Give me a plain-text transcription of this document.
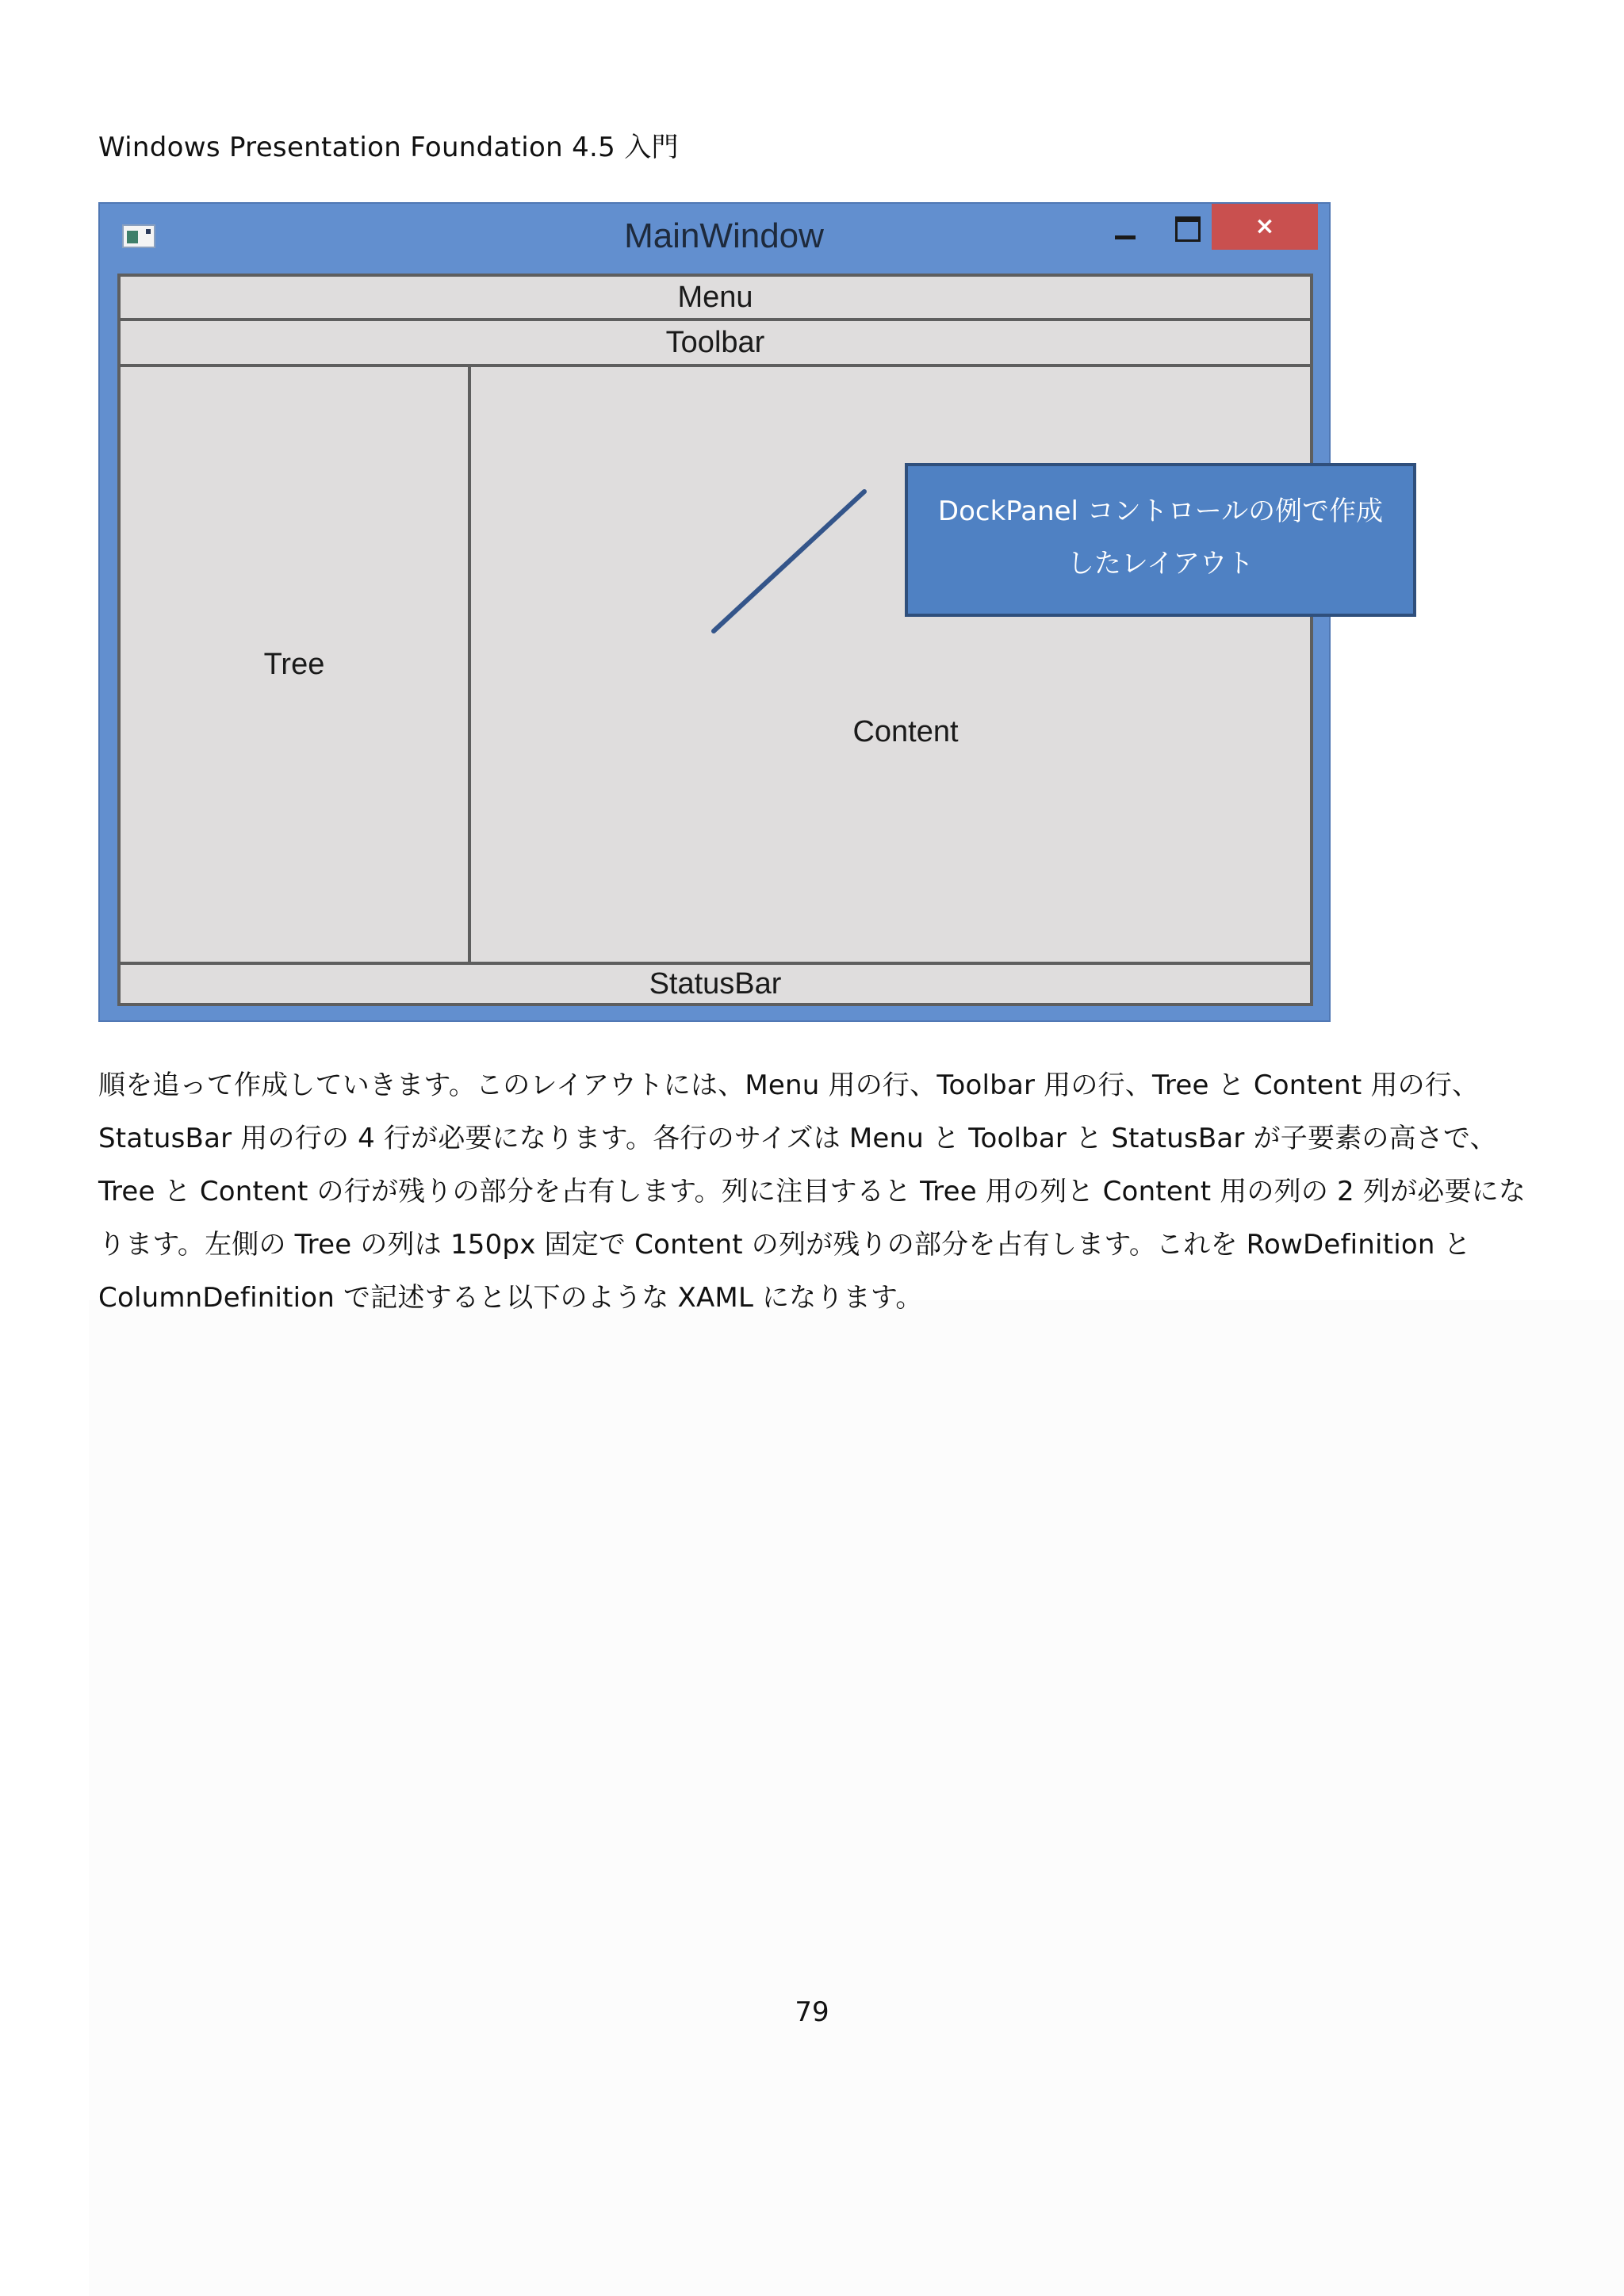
Windows Presentation Foundation 4.5 入門
MainWindow	×
Menu
Toolbar
Tree
Content
StatusBar
DockPanel コントロールの例で作成
したレイアウト
順を追って作成していきます。このレイアウトには、Menu 用の行、Toolbar 用の行、Tree と Content 用の行、
StatusBar 用の行の 4 行が必要になります。各行のサイズは Menu と Toolbar と StatusBar が子要素の高さで、
Tree と Content の行が残りの部分を占有します。列に注目すると Tree 用の列と Content 用の列の 2 列が必要にな
ります。左側の Tree の列は 150px 固定で Content の列が残りの部分を占有します。これを RowDefinition と
ColumnDefinition で記述すると以下のような XAML になります。
79
